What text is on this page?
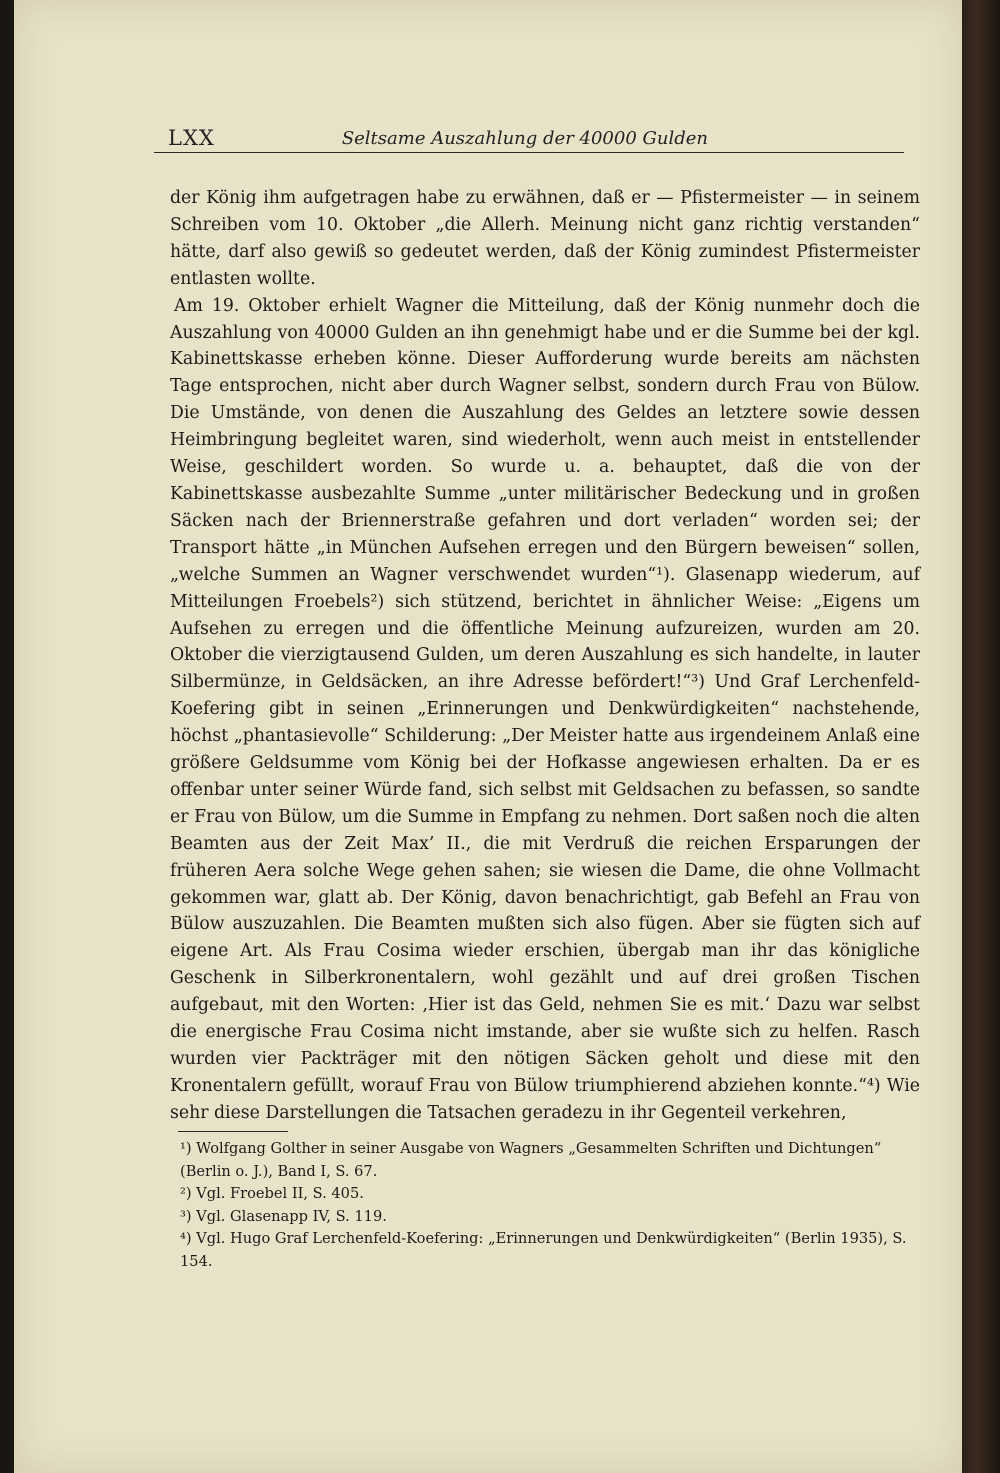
LXX	Seltsame Auszahlung der 40000 Gulden

der König ihm aufgetragen habe zu erwähnen, daß er — Pfistermeister — in seinem Schreiben vom 10. Oktober „die Allerh. Meinung nicht ganz richtig verstanden“ hätte, darf also gewiß so gedeutet werden, daß der König zumindest Pfistermeister entlasten wollte.

Am 19. Oktober erhielt Wagner die Mitteilung, daß der König nunmehr doch die Auszahlung von 40000 Gulden an ihn genehmigt habe und er die Summe bei der kgl. Kabinettskasse erheben könne. Dieser Aufforderung wurde bereits am nächsten Tage entsprochen, nicht aber durch Wagner selbst, sondern durch Frau von Bülow. Die Umstände, von denen die Auszahlung des Geldes an letztere sowie dessen Heimbringung begleitet waren, sind wiederholt, wenn auch meist in entstellender Weise, geschildert worden. So wurde u. a. behauptet, daß die von der Kabinettskasse ausbezahlte Summe „unter militärischer Bedeckung und in großen Säcken nach der Briennerstraße gefahren und dort verladen“ worden sei; der Transport hätte „in München Aufsehen erregen und den Bürgern beweisen“ sollen, „welche Summen an Wagner verschwendet wurden“¹). Glasenapp wiederum, auf Mitteilungen Froebels²) sich stützend, berichtet in ähnlicher Weise: „Eigens um Aufsehen zu erregen und die öffentliche Meinung aufzureizen, wurden am 20. Oktober die vierzigtausend Gulden, um deren Auszahlung es sich handelte, in lauter Silbermünze, in Geldsäcken, an ihre Adresse befördert!“³) Und Graf Lerchenfeld-Koefering gibt in seinen „Erinnerungen und Denkwürdigkeiten“ nachstehende, höchst „phantasievolle“ Schilderung: „Der Meister hatte aus irgendeinem Anlaß eine größere Geldsumme vom König bei der Hofkasse angewiesen erhalten. Da er es offenbar unter seiner Würde fand, sich selbst mit Geldsachen zu befassen, so sandte er Frau von Bülow, um die Summe in Empfang zu nehmen. Dort saßen noch die alten Beamten aus der Zeit Max’ II., die mit Verdruß die reichen Ersparungen der früheren Aera solche Wege gehen sahen; sie wiesen die Dame, die ohne Vollmacht gekommen war, glatt ab. Der König, davon benachrichtigt, gab Befehl an Frau von Bülow auszuzahlen. Die Beamten mußten sich also fügen. Aber sie fügten sich auf eigene Art. Als Frau Cosima wieder erschien, übergab man ihr das königliche Geschenk in Silberkronentalern, wohl gezählt und auf drei großen Tischen aufgebaut, mit den Worten: ‚Hier ist das Geld, nehmen Sie es mit.‘ Dazu war selbst die energische Frau Cosima nicht imstande, aber sie wußte sich zu helfen. Rasch wurden vier Packträger mit den nötigen Säcken geholt und diese mit den Kronentalern gefüllt, worauf Frau von Bülow triumphierend abziehen konnte.“⁴) Wie sehr diese Darstellungen die Tatsachen geradezu in ihr Gegenteil verkehren,

¹) Wolfgang Golther in seiner Ausgabe von Wagners „Gesammelten Schriften und Dichtungen“ (Berlin o. J.), Band I, S. 67.

²) Vgl. Froebel II, S. 405.

³) Vgl. Glasenapp IV, S. 119.

⁴) Vgl. Hugo Graf Lerchenfeld-Koefering: „Erinnerungen und Denkwürdigkeiten“ (Berlin 1935), S. 154.
